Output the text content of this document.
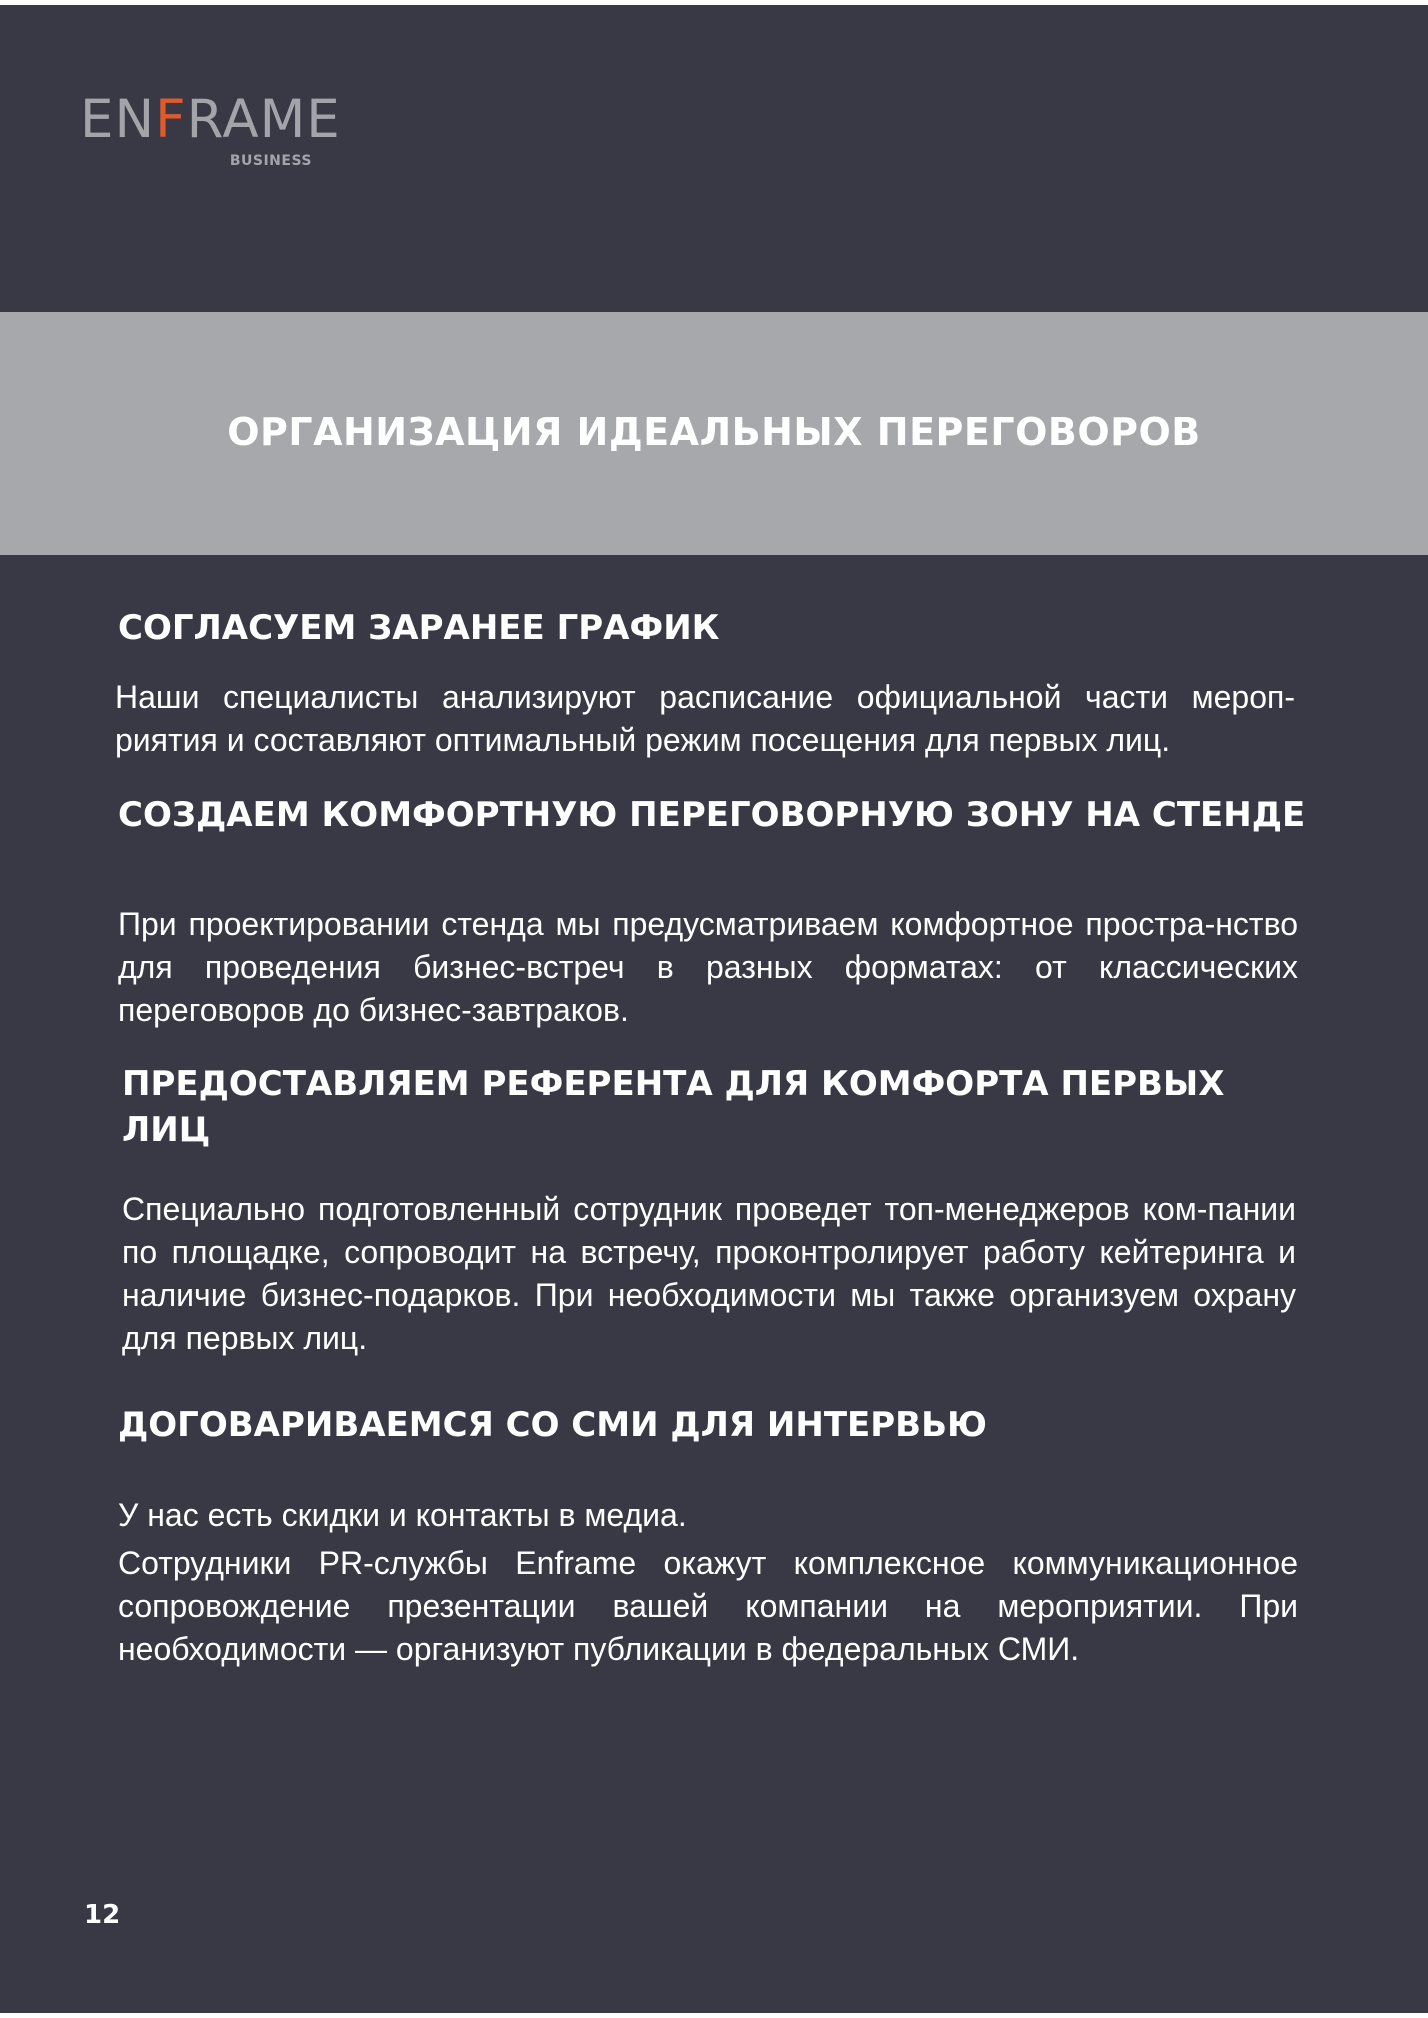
ENFRAME
BUSINESS
ОРГАНИЗАЦИЯ ИДЕАЛЬНЫХ ПЕРЕГОВОРОВ
СОГЛАСУЕМ ЗАРАНЕЕ ГРАФИК

Наши специалисты анализируют расписание официальной части мероп-риятия и составляют оптимальный режим посещения для первых лиц.

СОЗДАЕМ КОМФОРТНУЮ ПЕРЕГОВОРНУЮ ЗОНУ НА СТЕНДЕ

При проектировании стенда мы предусматриваем комфортное простра-нство для проведения бизнес-встреч в разных форматах: от классических переговоров до бизнес-завтраков.

ПРЕДОСТАВЛЯЕМ РЕФЕРЕНТА ДЛЯ КОМФОРТА ПЕРВЫХ ЛИЦ

Специально подготовленный сотрудник проведет топ-менеджеров ком-пании по площадке, сопроводит на встречу, проконтролирует работу кейтеринга и наличие бизнес-подарков. При необходимости мы также организуем охрану для первых лиц.

ДОГОВАРИВАЕМСЯ СО СМИ ДЛЯ ИНТЕРВЬЮ

У нас есть скидки и контакты в медиа.

Сотрудники PR-службы Enframe окажут комплексное коммуникационное сопровождение презентации вашей компании на мероприятии. При необходимости — организуют публикации в федеральных СМИ.

12
